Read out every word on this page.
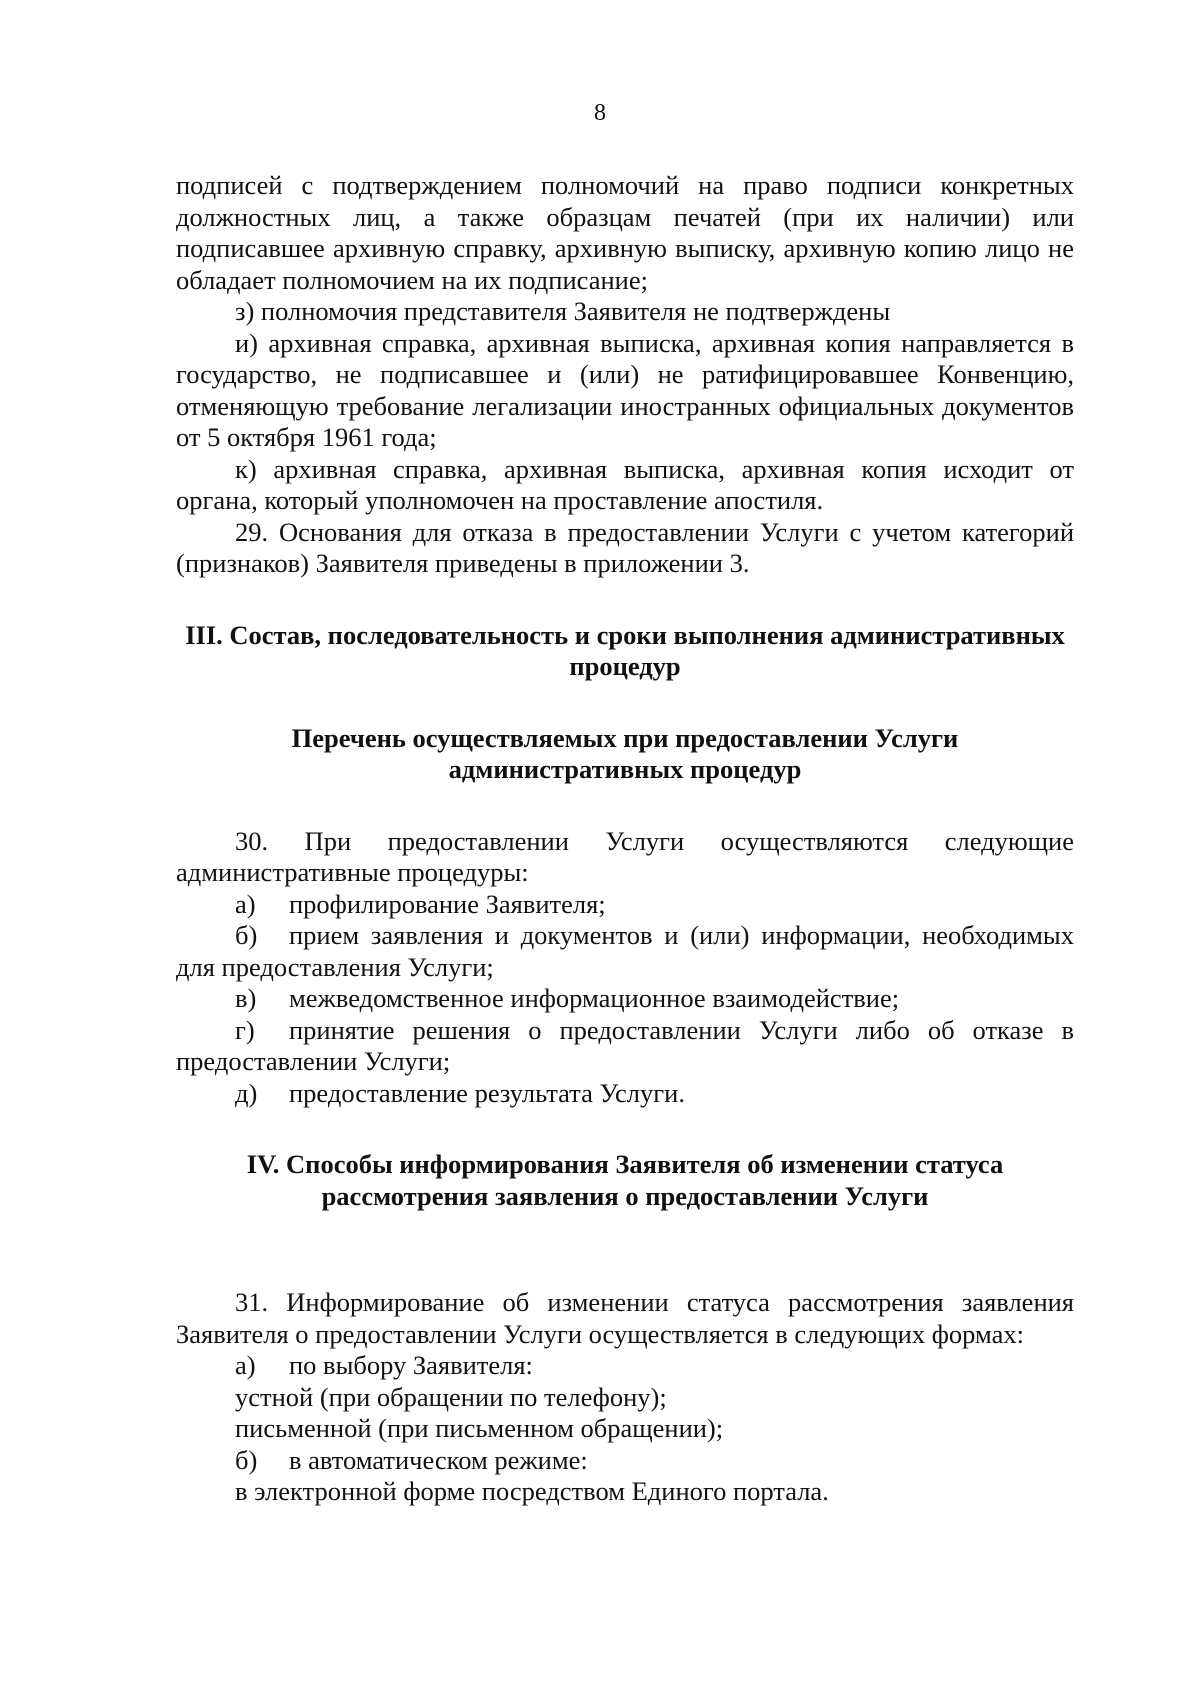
8

подписей с подтверждением полномочий на право подписи конкретных должностных лиц, а также образцам печатей (при их наличии) или подписавшее архивную справку, архивную выписку, архивную копию лицо не обладает полномочием на их подписание;

з) полномочия представителя Заявителя не подтверждены

и) архивная справка, архивная выписка, архивная копия направляется в государство, не подписавшее и (или) не ратифицировавшее Конвенцию, отменяющую требование легализации иностранных официальных документов от 5 октября 1961 года;

к) архивная справка, архивная выписка, архивная копия исходит от органа, который уполномочен на проставление апостиля.

29. Основания для отказа в предоставлении Услуги с учетом категорий (признаков) Заявителя приведены в приложении 3.

III. Состав, последовательность и сроки выполнения административных процедур

Перечень осуществляемых при предоставлении Услуги административных процедур

30. При предоставлении Услуги осуществляются следующие административные процедуры:

а) профилирование Заявителя;

б) прием заявления и документов и (или) информации, необходимых для предоставления Услуги;

в) межведомственное информационное взаимодействие;

г) принятие решения о предоставлении Услуги либо об отказе в предоставлении Услуги;

д) предоставление результата Услуги.

IV. Способы информирования Заявителя об изменении статуса рассмотрения заявления о предоставлении Услуги

31. Информирование об изменении статуса рассмотрения заявления Заявителя о предоставлении Услуги осуществляется в следующих формах:

а) по выбору Заявителя:

устной (при обращении по телефону);

письменной (при письменном обращении);

б) в автоматическом режиме:

в электронной форме посредством Единого портала.
